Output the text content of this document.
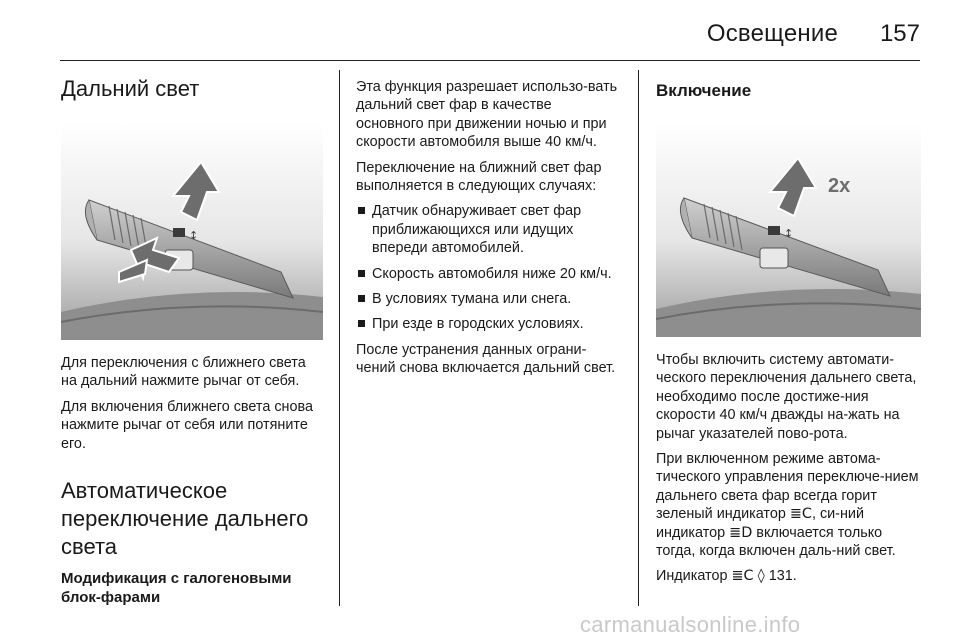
Освещение 157
Дальний свет
↕

Для переключения с ближнего света на дальний нажмите рычаг от себя.

Для включения ближнего света снова нажмите рычаг от себя или потяните его.

Автоматическое переключение дальнего света
Модификация с галогеновыми блок-фарами

Эта функция разрешает использо-вать дальний свет фар в качестве основного при движении ночью и при скорости автомобиля выше 40 км/ч.

Переключение на ближний свет фар выполняется в следующих случаях:

Датчик обнаруживает свет фар приближающихся или идущих впереди автомобилей.
Скорость автомобиля ниже 20 км/ч.
В условиях тумана или снега.
При езде в городских условиях.

После устранения данных ограни-чений снова включается дальний свет.

Включение
↕
2x

Чтобы включить систему автомати-ческого переключения дальнего света, необходимо после достиже-ния скорости 40 км/ч дважды на-жать на рычаг указателей пово-рота.

При включенном режиме автома-тического управления переключе-нием дальнего света фар всегда горит зеленый индикатор ≣Ⅽ, си-ний индикатор ≣D включается только тогда, когда включен даль-ний свет.

Индикатор ≣Ⅽ ◊ 131.

carmanualsonline.info
